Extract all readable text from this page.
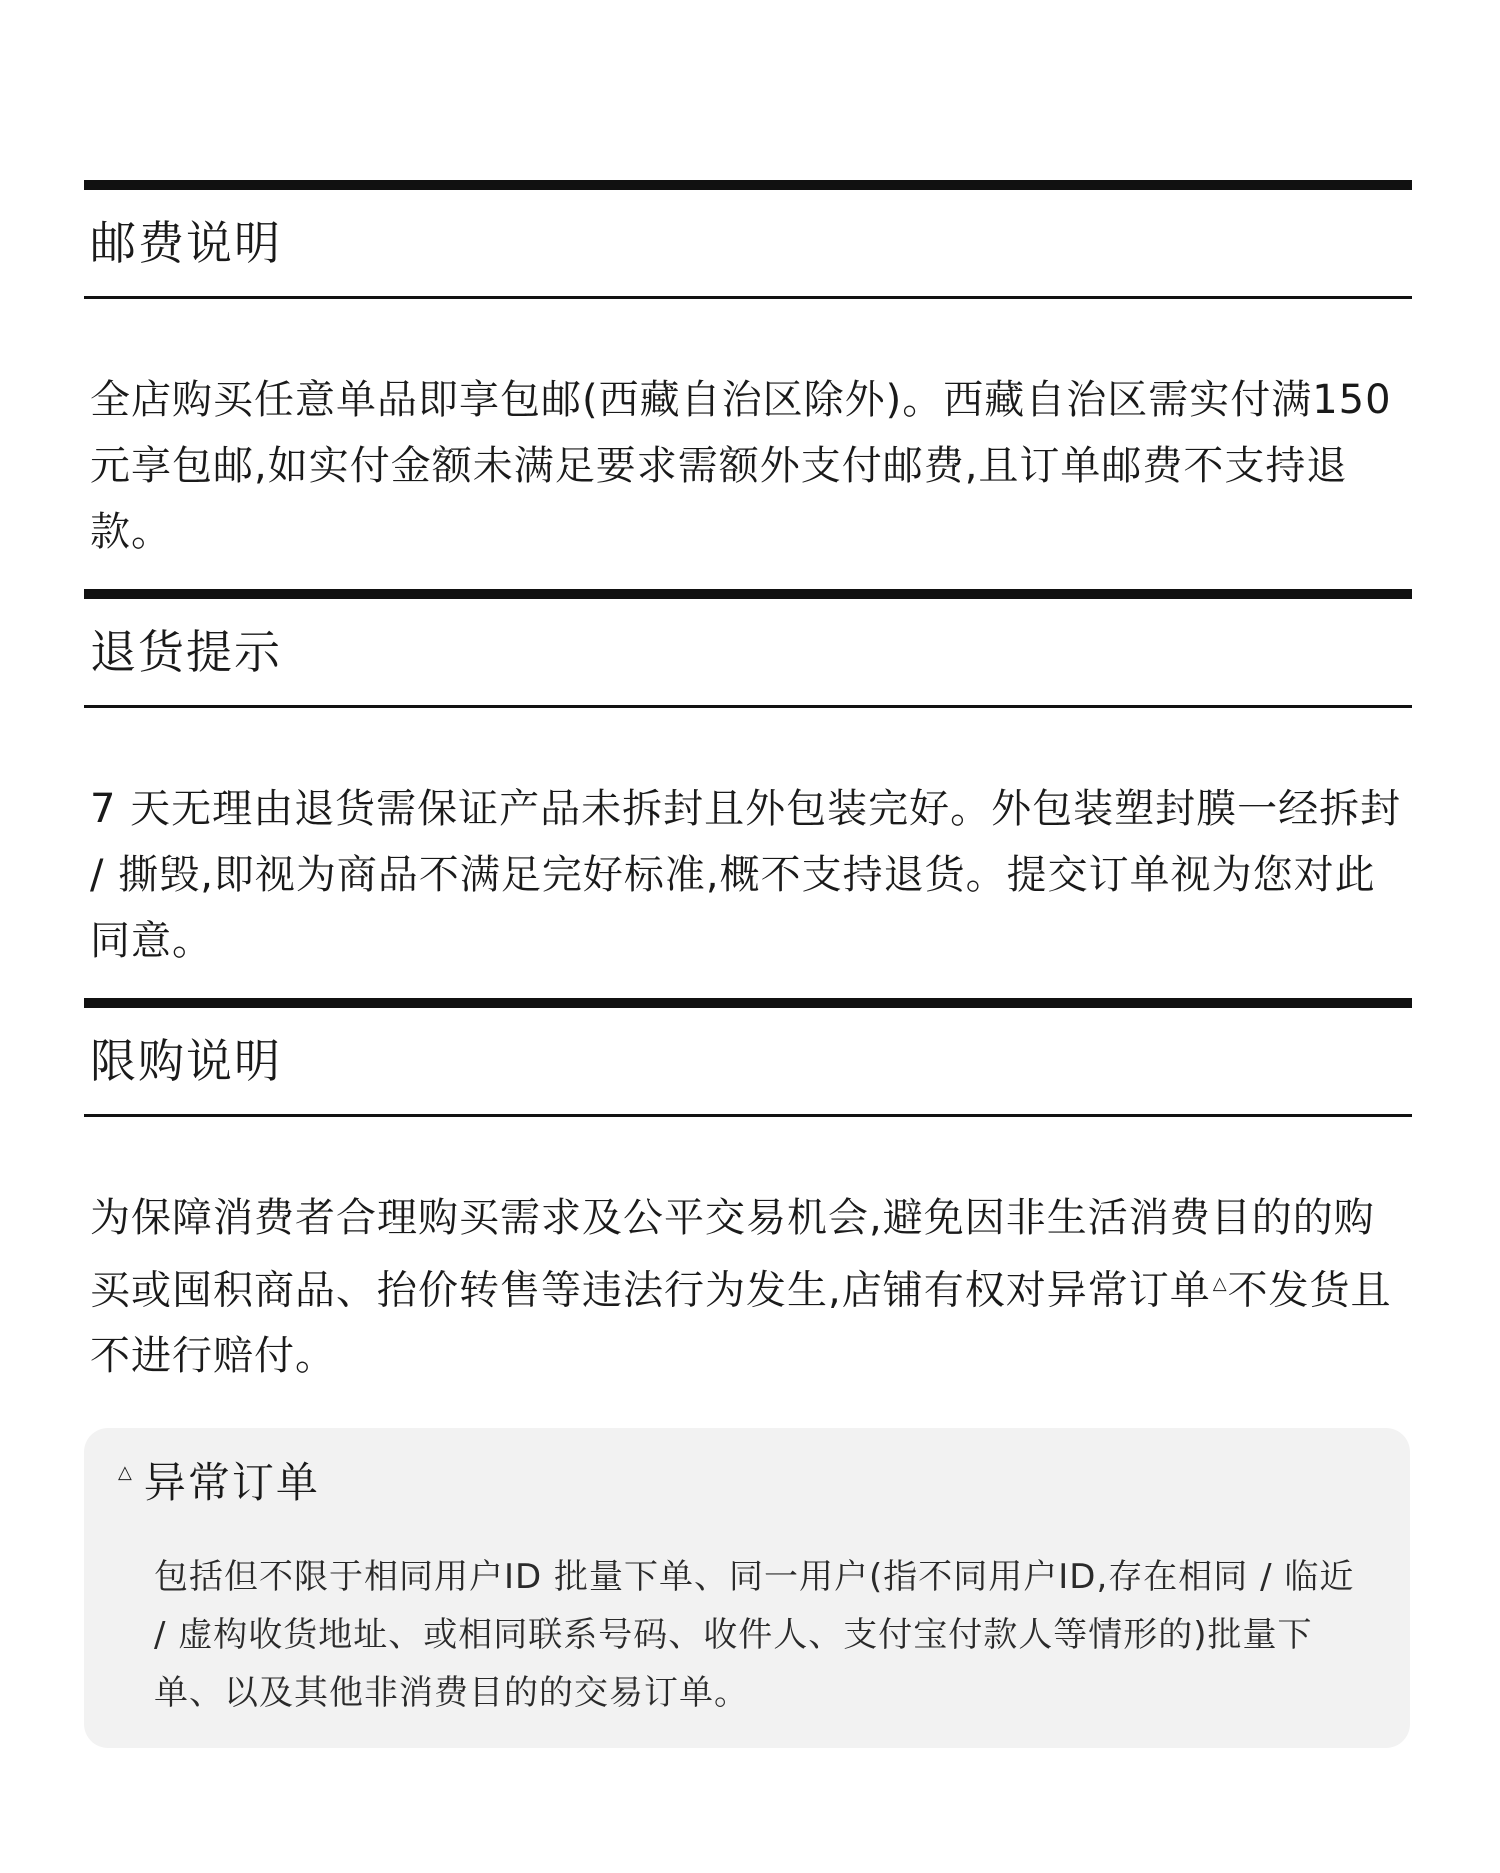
邮费说明
全店购买任意单品即享包邮(西藏自治区除外)。西藏自治区需实付满150元享包邮,如实付金额未满足要求需额外支付邮费,且订单邮费不支持退款。
退货提示
7 天无理由退货需保证产品未拆封且外包装完好。外包装塑封膜一经拆封 / 撕毁,即视为商品不满足完好标准,概不支持退货。提交订单视为您对此同意。
限购说明
为保障消费者合理购买需求及公平交易机会,避免因非生活消费目的的购买或囤积商品、抬价转售等违法行为发生,店铺有权对异常订单 △不发货且不进行赔付。
△ 异常订单
包括但不限于相同用户ID 批量下单、同一用户(指不同用户ID,存在相同 / 临近 / 虚构收货地址、或相同联系号码、收件人、支付宝付款人等情形的)批量下单、以及其他非消费目的的交易订单。
